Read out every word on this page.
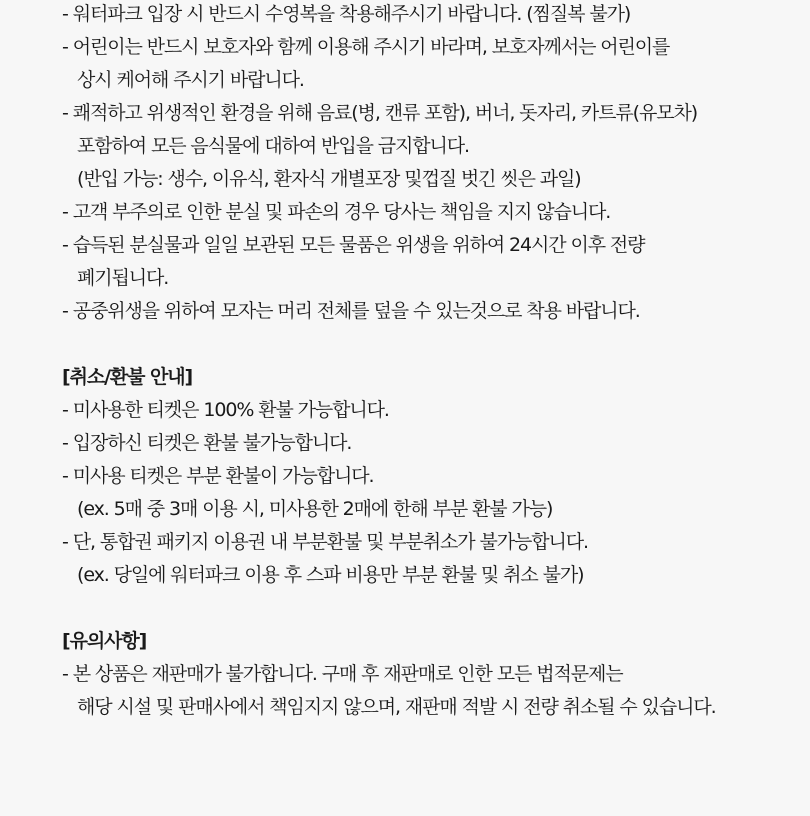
- 워터파크 입장 시 반드시 수영복을 착용해주시기 바랍니다. (찜질복 불가)
- 어린이는 반드시 보호자와 함께 이용해 주시기 바라며, 보호자께서는 어린이를
상시 케어해 주시기 바랍니다.
- 쾌적하고 위생적인 환경을 위해 음료(병, 캔류 포함), 버너, 돗자리, 카트류(유모차)
포함하여 모든 음식물에 대하여 반입을 금지합니다.
(반입 가능: 생수, 이유식, 환자식 개별포장 및껍질 벗긴 씻은 과일)
- 고객 부주의로 인한 분실 및 파손의 경우 당사는 책임을 지지 않습니다.
- 습득된 분실물과 일일 보관된 모든 물품은 위생을 위하여 24시간 이후 전량
폐기됩니다.
- 공중위생을 위하여 모자는 머리 전체를 덮을 수 있는것으로 착용 바랍니다.
[취소/환불 안내]
- 미사용한 티켓은 100% 환불 가능합니다.
- 입장하신 티켓은 환불 불가능합니다.
- 미사용 티켓은 부분 환불이 가능합니다.
(ex. 5매 중 3매 이용 시, 미사용한 2매에 한해 부분 환불 가능)
- 단, 통합권 패키지 이용권 내 부분환불 및 부분취소가 불가능합니다.
(ex. 당일에 워터파크 이용 후 스파 비용만 부분 환불 및 취소 불가)
[유의사항]
- 본 상품은 재판매가 불가합니다. 구매 후 재판매로 인한 모든 법적문제는
해당 시설 및 판매사에서 책임지지 않으며, 재판매 적발 시 전량 취소될 수 있습니다.
